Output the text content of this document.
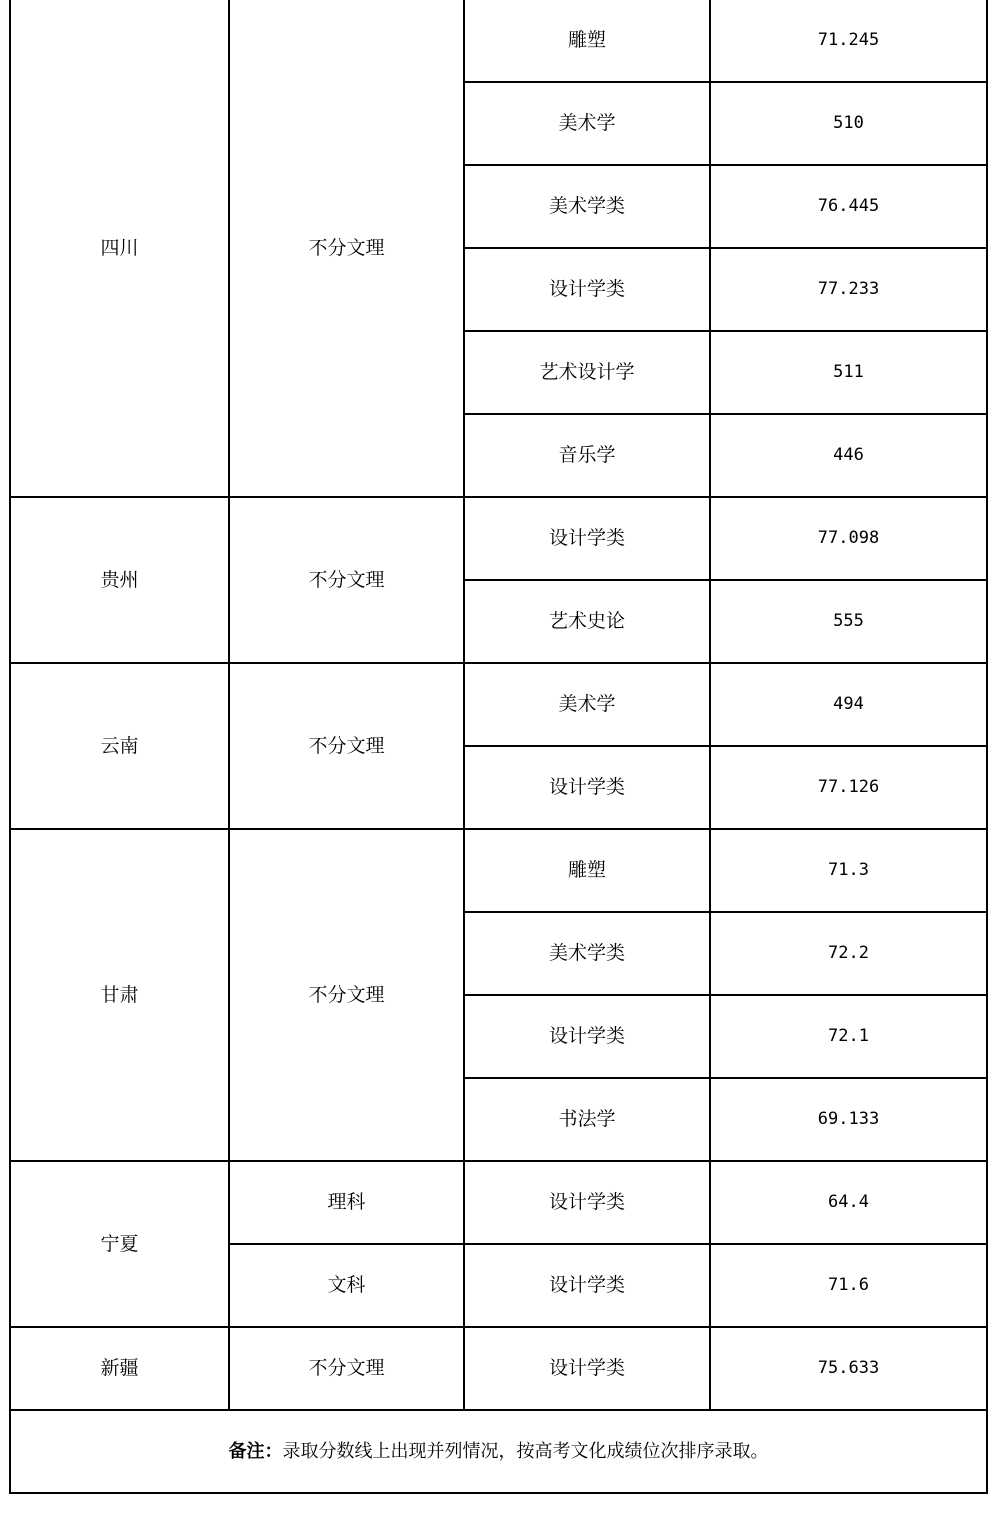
四川	不分文理	雕塑	71.245
		美术学	510
		美术学类	76.445
		设计学类	77.233
		艺术设计学	511
		音乐学	446
贵州	不分文理	设计学类	77.098
		艺术史论	555
云南	不分文理	美术学	494
		设计学类	77.126
甘肃	不分文理	雕塑	71.3
		美术学类	72.2
		设计学类	72.1
		书法学	69.133
宁夏	理科	设计学类	64.4
	文科	设计学类	71.6
新疆	不分文理	设计学类	75.633
备注：录取分数线上出现并列情况，按高考文化成绩位次排序录取。			
